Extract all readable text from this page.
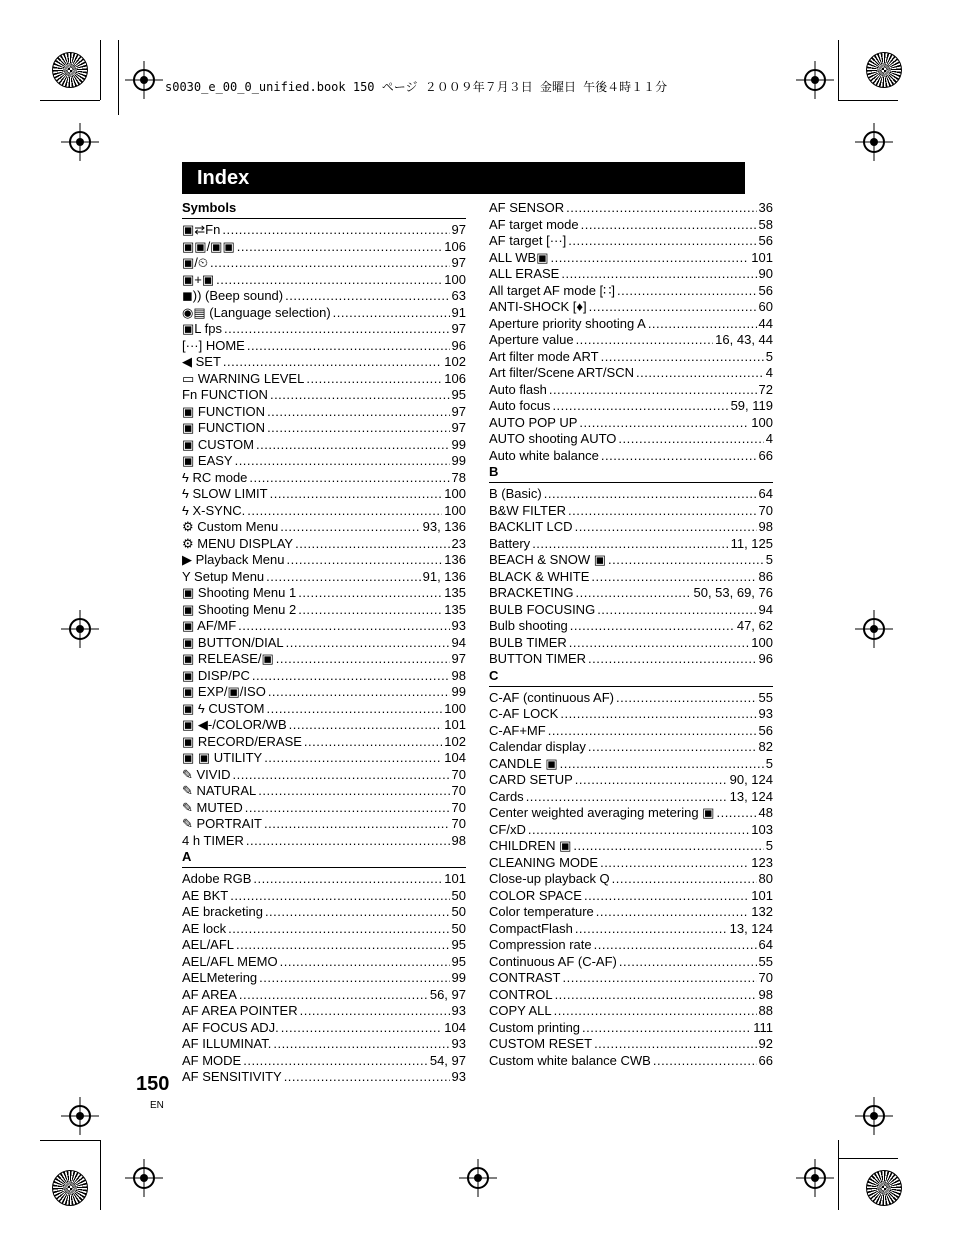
s0030_e_00_0_unified.book 150 ページ ２００９年７月３日 金曜日 午後４時１１分
Index
Symbols
▣⇄Fn .....	97
▣▣/▣▣ .....	106
▣/⏲ .....	97
▣+▣ .....	100
◼)) (Beep sound) .....	63
◉▤ (Language selection) .....	91
▣L fps .....	97
[···] HOME .....	96
◀ SET .....	102
▭ WARNING LEVEL .....	106
Fn FUNCTION .....	95
▣ FUNCTION .....	97
▣ FUNCTION .....	97
▣ CUSTOM .....	99
▣ EASY .....	99
ϟ RC mode .....	78
ϟ SLOW LIMIT .....	100
ϟ X-SYNC. .....	100
⚙ Custom Menu .....	93, 136
⚙ MENU DISPLAY .....	23
▶ Playback Menu .....	136
Y Setup Menu .....	91, 136
▣ Shooting Menu 1 .....	135
▣ Shooting Menu 2 .....	135
▣ AF/MF .....	93
▣ BUTTON/DIAL .....	94
▣ RELEASE/▣ .....	97
▣ DISP/PC .....	98
▣ EXP/▣/ISO .....	99
▣ ϟ CUSTOM .....	100
▣ ◀-/COLOR/WB .....	101
▣ RECORD/ERASE .....	102
▣ ▣ UTILITY .....	104
✎ VIVID .....	70
✎ NATURAL .....	70
✎ MUTED .....	70
✎ PORTRAIT .....	70
4 h TIMER .....	98
A
Adobe RGB .....	101
AE BKT .....	50
AE bracketing .....	50
AE lock .....	50
AEL/AFL .....	95
AEL/AFL MEMO .....	95
AELMetering .....	99
AF AREA .....	56, 97
AF AREA POINTER .....	93
AF FOCUS ADJ. .....	104
AF ILLUMINAT. .....	93
AF MODE .....	54, 97
AF SENSITIVITY .....	93
AF SENSOR .....	36
AF target mode .....	58
AF target [···] .....	56
ALL WB▣ .....	101
ALL ERASE .....	90
All target AF mode [∷] .....	56
ANTI-SHOCK [♦] .....	60
Aperture priority shooting A .....	44
Aperture value .....	16, 43, 44
Art filter mode ART .....	5
Art filter/Scene ART/SCN .....	4
Auto flash .....	72
Auto focus .....	59, 119
AUTO POP UP .....	100
AUTO shooting AUTO .....	4
Auto white balance .....	66
B
B (Basic) .....	64
B&W FILTER .....	70
BACKLIT LCD .....	98
Battery .....	11, 125
BEACH & SNOW ▣ .....	5
BLACK & WHITE .....	86
BRACKETING .....	50, 53, 69, 76
BULB FOCUSING .....	94
Bulb shooting .....	47, 62
BULB TIMER .....	100
BUTTON TIMER .....	96
C
C-AF (continuous AF) .....	55
C-AF LOCK .....	93
C-AF+MF .....	56
Calendar display .....	82
CANDLE ▣ .....	5
CARD SETUP .....	90, 124
Cards .....	13, 124
Center weighted averaging metering ▣ .....	48
CF/xD .....	103
CHILDREN ▣ .....	5
CLEANING MODE .....	123
Close-up playback Q .....	80
COLOR SPACE .....	101
Color temperature .....	132
CompactFlash .....	13, 124
Compression rate .....	64
Continuous AF (C-AF) .....	55
CONTRAST .....	70
CONTROL .....	98
COPY ALL .....	88
Custom printing .....	111
CUSTOM RESET .....	92
Custom white balance CWB .....	66
150
EN
